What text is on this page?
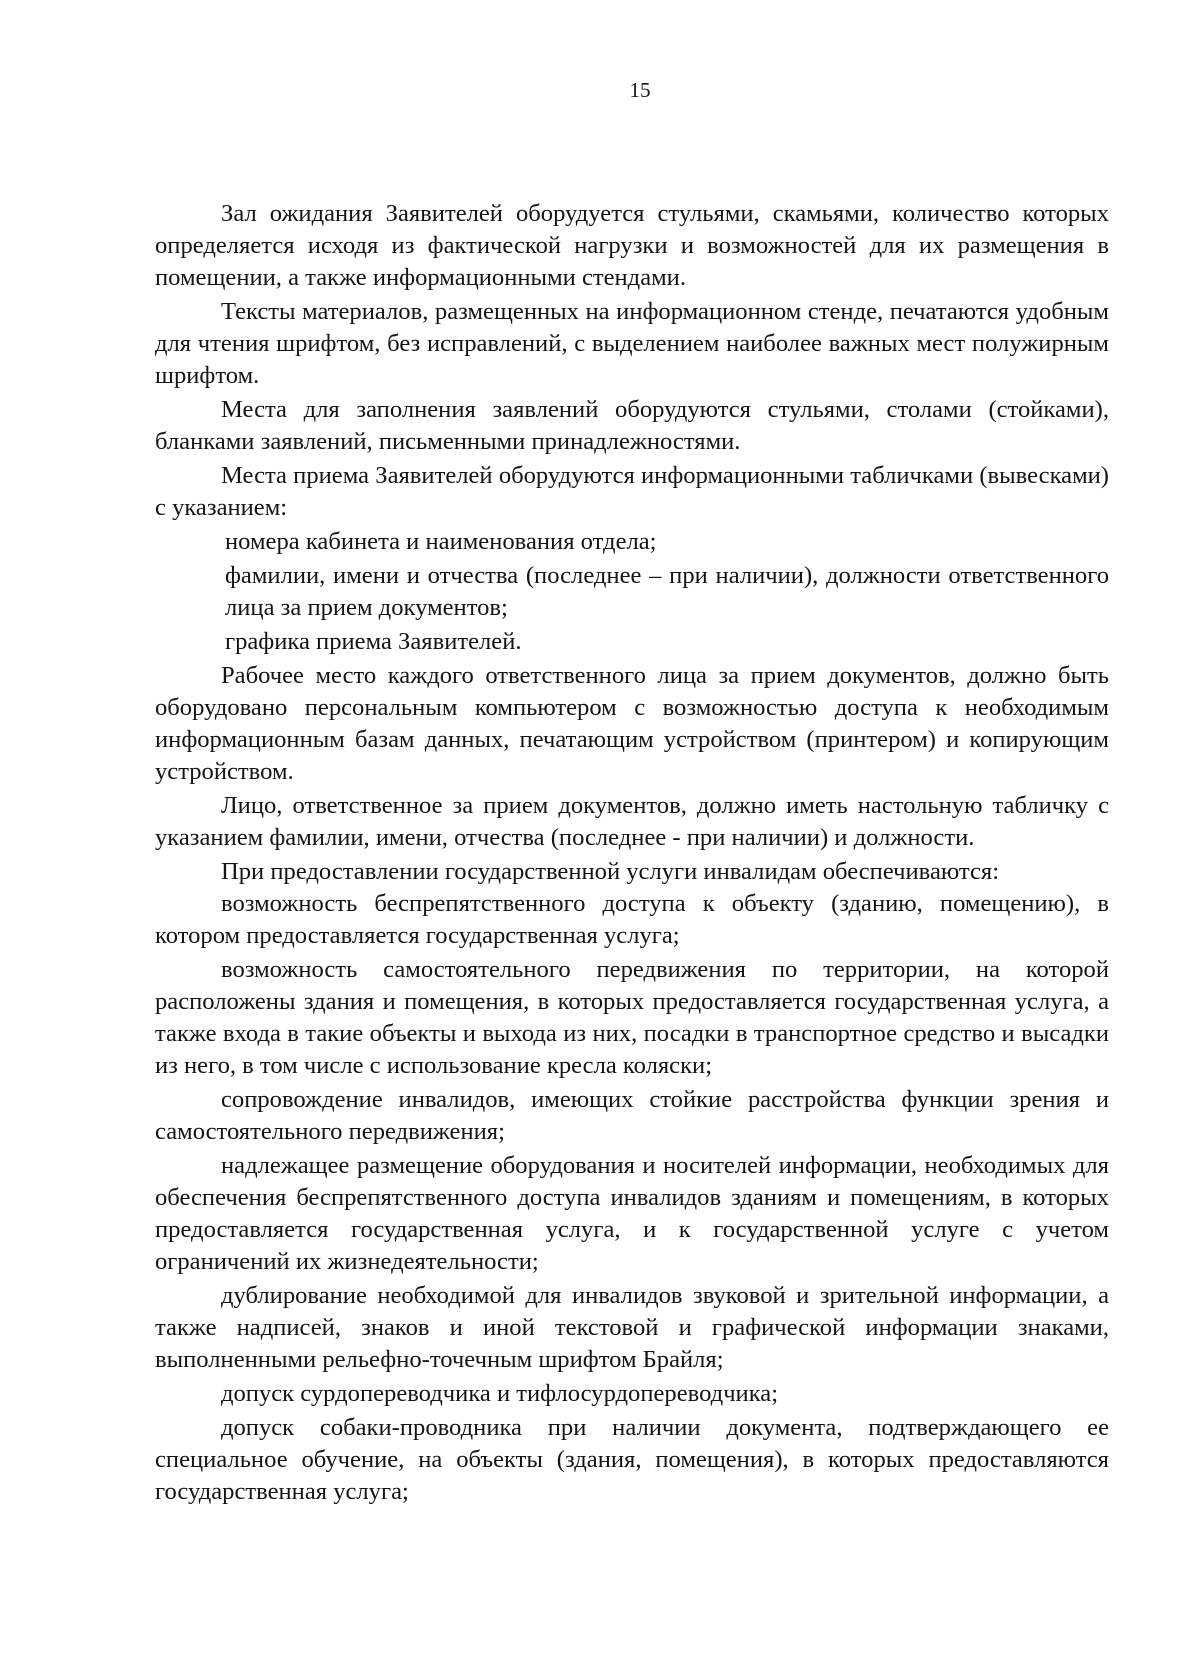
15

Зал ожидания Заявителей оборудуется стульями, скамьями, количество которых определяется исходя из фактической нагрузки и возможностей для их размещения в помещении, а также информационными стендами.

Тексты материалов, размещенных на информационном стенде, печатаются удобным для чтения шрифтом, без исправлений, с выделением наиболее важных мест полужирным шрифтом.

Места для заполнения заявлений оборудуются стульями, столами (стойками), бланками заявлений, письменными принадлежностями.

Места приема Заявителей оборудуются информационными табличками (вывесками) с указанием:

номера кабинета и наименования отдела;

фамилии, имени и отчества (последнее – при наличии), должности ответственного лица за прием документов;

графика приема Заявителей.

Рабочее место каждого ответственного лица за прием документов, должно быть оборудовано персональным компьютером с возможностью доступа к необходимым информационным базам данных, печатающим устройством (принтером) и копирующим устройством.

Лицо, ответственное за прием документов, должно иметь настольную табличку с указанием фамилии, имени, отчества (последнее - при наличии) и должности.

При предоставлении государственной услуги инвалидам обеспечиваются:

возможность беспрепятственного доступа к объекту (зданию, помещению), в котором предоставляется государственная услуга;

возможность самостоятельного передвижения по территории, на которой расположены здания и помещения, в которых предоставляется государственная услуга, а также входа в такие объекты и выхода из них, посадки в транспортное средство и высадки из него, в том числе с использование кресла коляски;

сопровождение инвалидов, имеющих стойкие расстройства функции зрения и самостоятельного передвижения;

надлежащее размещение оборудования и носителей информации, необходимых для обеспечения беспрепятственного доступа инвалидов зданиям и помещениям, в которых предоставляется государственная услуга, и к государственной услуге с учетом ограничений их жизнедеятельности;

дублирование необходимой для инвалидов звуковой и зрительной информации, а также надписей, знаков и иной текстовой и графической информации знаками, выполненными рельефно-точечным шрифтом Брайля;

допуск сурдопереводчика и тифлосурдопереводчика;

допуск собаки-проводника при наличии документа, подтверждающего ее специальное обучение, на объекты (здания, помещения), в которых предоставляются государственная услуга;
